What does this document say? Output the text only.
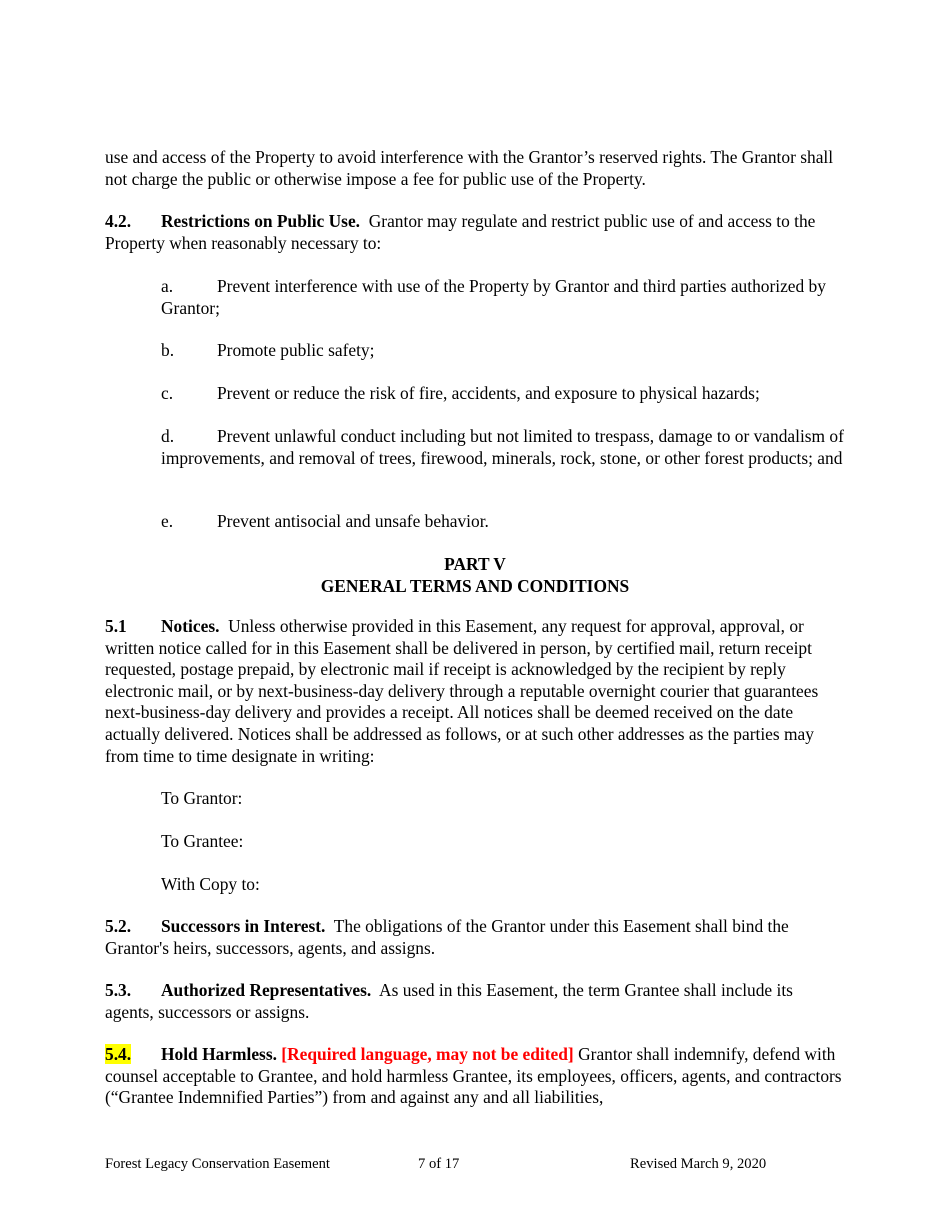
use and access of the Property to avoid interference with the Grantor’s reserved rights. The Grantor shall not charge the public or otherwise impose a fee for public use of the Property.

4.2. Restrictions on Public Use. Grantor may regulate and restrict public use of and access to the Property when reasonably necessary to:

a.	Prevent interference with use of the Property by Grantor and third parties authorized by Grantor;

b. Promote public safety;

c.	Prevent or reduce the risk of fire, accidents, and exposure to physical hazards;

d. Prevent unlawful conduct including but not limited to trespass, damage to or vandalism of improvements, and removal of trees, firewood, minerals, rock, stone, or other forest products; and

e.	Prevent antisocial and unsafe behavior.

PART V
GENERAL TERMS AND CONDITIONS

5.1 Notices. Unless otherwise provided in this Easement, any request for approval, approval, or written notice called for in this Easement shall be delivered in person, by certified mail, return receipt requested, postage prepaid, by electronic mail if receipt is acknowledged by the recipient by reply electronic mail, or by next-business-day delivery through a reputable overnight courier that guarantees next-business-day delivery and provides a receipt. All notices shall be deemed received on the date actually delivered. Notices shall be addressed as follows, or at such other addresses as the parties may from time to time designate in writing:

To Grantor:

To Grantee:

With Copy to:

5.2. Successors in Interest. The obligations of the Grantor under this Easement shall bind the Grantor's heirs, successors, agents, and assigns.

5.3. Authorized Representatives. As used in this Easement, the term Grantee shall include its agents, successors or assigns.

5.4. Hold Harmless. [Required language, may not be edited] Grantor shall indemnify, defend with counsel acceptable to Grantee, and hold harmless Grantee, its employees, officers, agents, and contractors (“Grantee Indemnified Parties”) from and against any and all liabilities,

Forest Legacy Conservation Easement	7 of 17	Revised March 9, 2020
